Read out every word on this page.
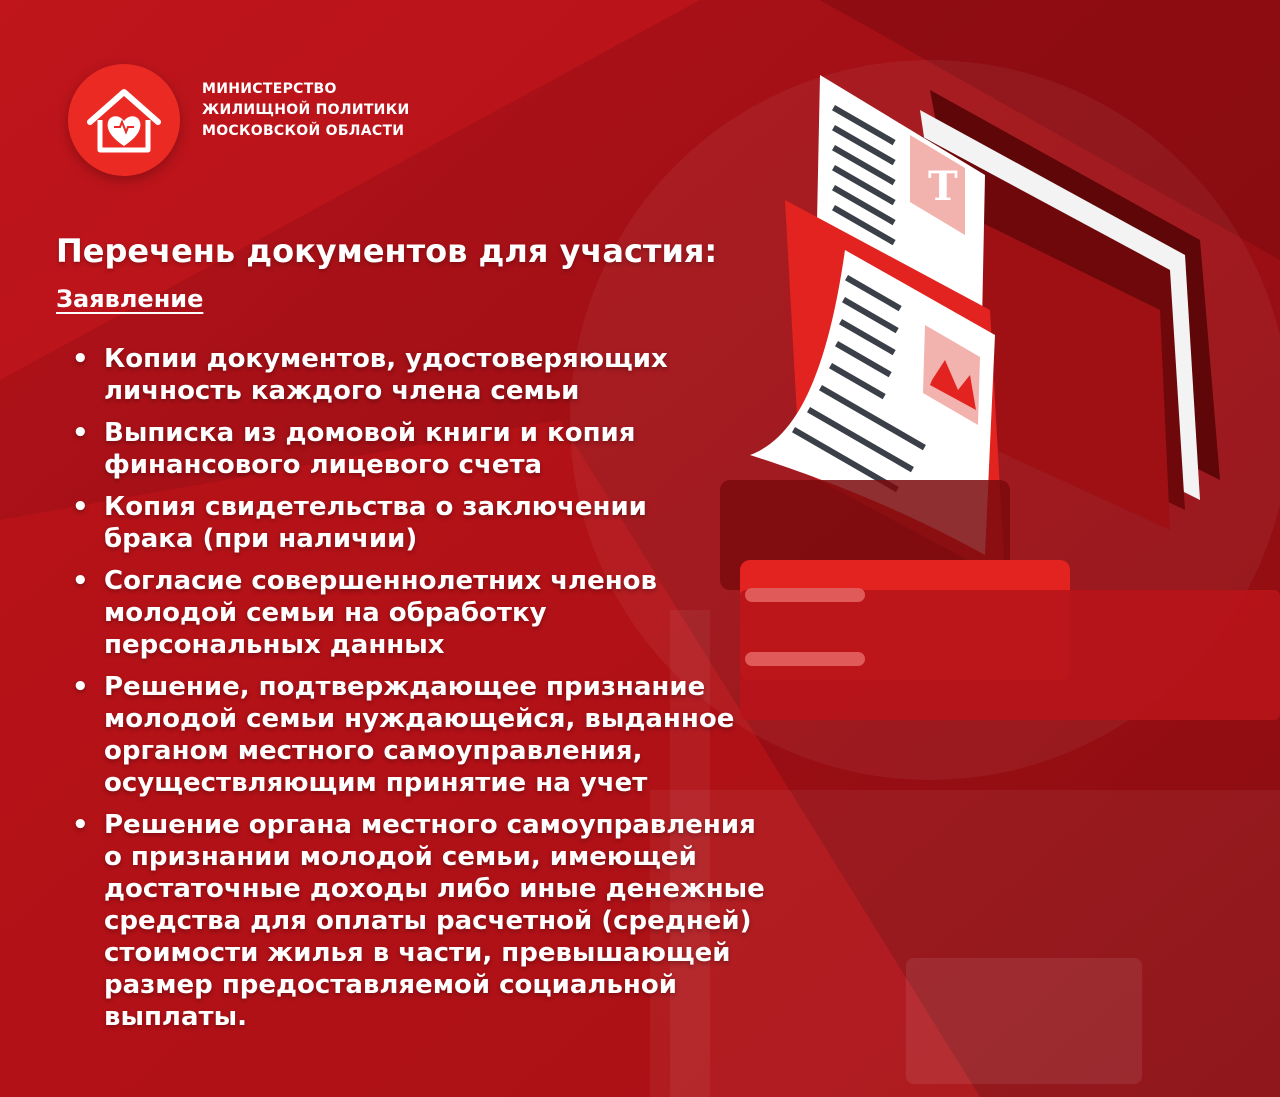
МИНИСТЕРСТВО
ЖИЛИЩНОЙ ПОЛИТИКИ
МОСКОВСКОЙ ОБЛАСТИ
T
Перечень документов для участия:
Заявление
• Копии документов, удостоверяющих
личность каждого члена семьи
• Выписка из домовой книги и копия
финансового лицевого счета
• Копия свидетельства о заключении
брака (при наличии)
• Согласие совершеннолетних членов
молодой семьи на обработку
персональных данных
• Решение, подтверждающее признание
молодой семьи нуждающейся, выданное
органом местного самоуправления,
осуществляющим принятие на учет
• Решение органа местного самоуправления
о признании молодой семьи, имеющей
достаточные доходы либо иные денежные
средства для оплаты расчетной (средней)
стоимости жилья в части, превышающей
размер предоставляемой социальной
выплаты.
